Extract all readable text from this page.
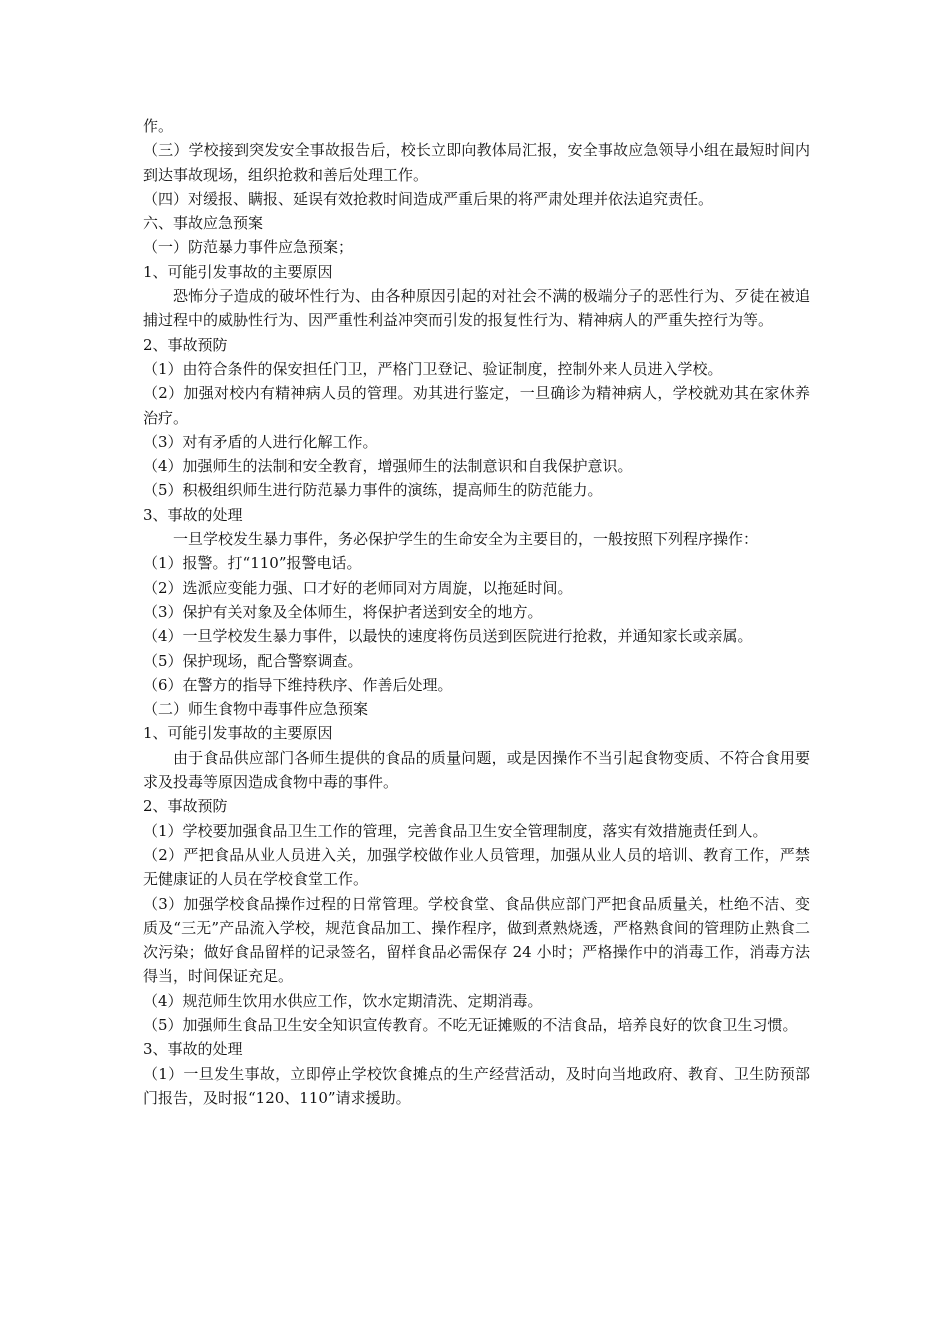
作。

（三）学校接到突发安全事故报告后，校长立即向教体局汇报，安全事故应急领导小组在最短时间内到达事故现场，组织抢救和善后处理工作。

（四）对缓报、瞒报、延误有效抢救时间造成严重后果的将严肃处理并依法追究责任。

六、事故应急预案

（一）防范暴力事件应急预案；

1、可能引发事故的主要原因

恐怖分子造成的破坏性行为、由各种原因引起的对社会不满的极端分子的恶性行为、歹徒在被追捕过程中的威胁性行为、因严重性利益冲突而引发的报复性行为、精神病人的严重失控行为等。

2、事故预防

（1）由符合条件的保安担任门卫，严格门卫登记、验证制度，控制外来人员进入学校。

（2）加强对校内有精神病人员的管理。劝其进行鉴定，一旦确诊为精神病人，学校就劝其在家休养治疗。

（3）对有矛盾的人进行化解工作。

（4）加强师生的法制和安全教育，增强师生的法制意识和自我保护意识。

（5）积极组织师生进行防范暴力事件的演练，提高师生的防范能力。

3、事故的处理

一旦学校发生暴力事件，务必保护学生的生命安全为主要目的，一般按照下列程序操作：

（1）报警。打“110”报警电话。

（2）选派应变能力强、口才好的老师同对方周旋，以拖延时间。

（3）保护有关对象及全体师生，将保护者送到安全的地方。

（4）一旦学校发生暴力事件，以最快的速度将伤员送到医院进行抢救，并通知家长或亲属。

（5）保护现场，配合警察调查。

（6）在警方的指导下维持秩序、作善后处理。

（二）师生食物中毒事件应急预案

1、可能引发事故的主要原因

由于食品供应部门各师生提供的食品的质量问题，或是因操作不当引起食物变质、不符合食用要求及投毒等原因造成食物中毒的事件。

2、事故预防

（1）学校要加强食品卫生工作的管理，完善食品卫生安全管理制度，落实有效措施责任到人。

（2）严把食品从业人员进入关，加强学校做作业人员管理，加强从业人员的培训、教育工作，严禁无健康证的人员在学校食堂工作。

（3）加强学校食品操作过程的日常管理。学校食堂、食品供应部门严把食品质量关，杜绝不洁、变质及“三无”产品流入学校，规范食品加工、操作程序，做到煮熟烧透，严格熟食间的管理防止熟食二次污染；做好食品留样的记录签名，留样食品必需保存 24 小时；严格操作中的消毒工作，消毒方法得当，时间保证充足。

（4）规范师生饮用水供应工作，饮水定期清洗、定期消毒。

（5）加强师生食品卫生安全知识宣传教育。不吃无证摊贩的不洁食品，培养良好的饮食卫生习惯。

3、事故的处理

（1）一旦发生事故，立即停止学校饮食摊点的生产经营活动，及时向当地政府、教育、卫生防预部门报告，及时报“120、110”请求援助。
